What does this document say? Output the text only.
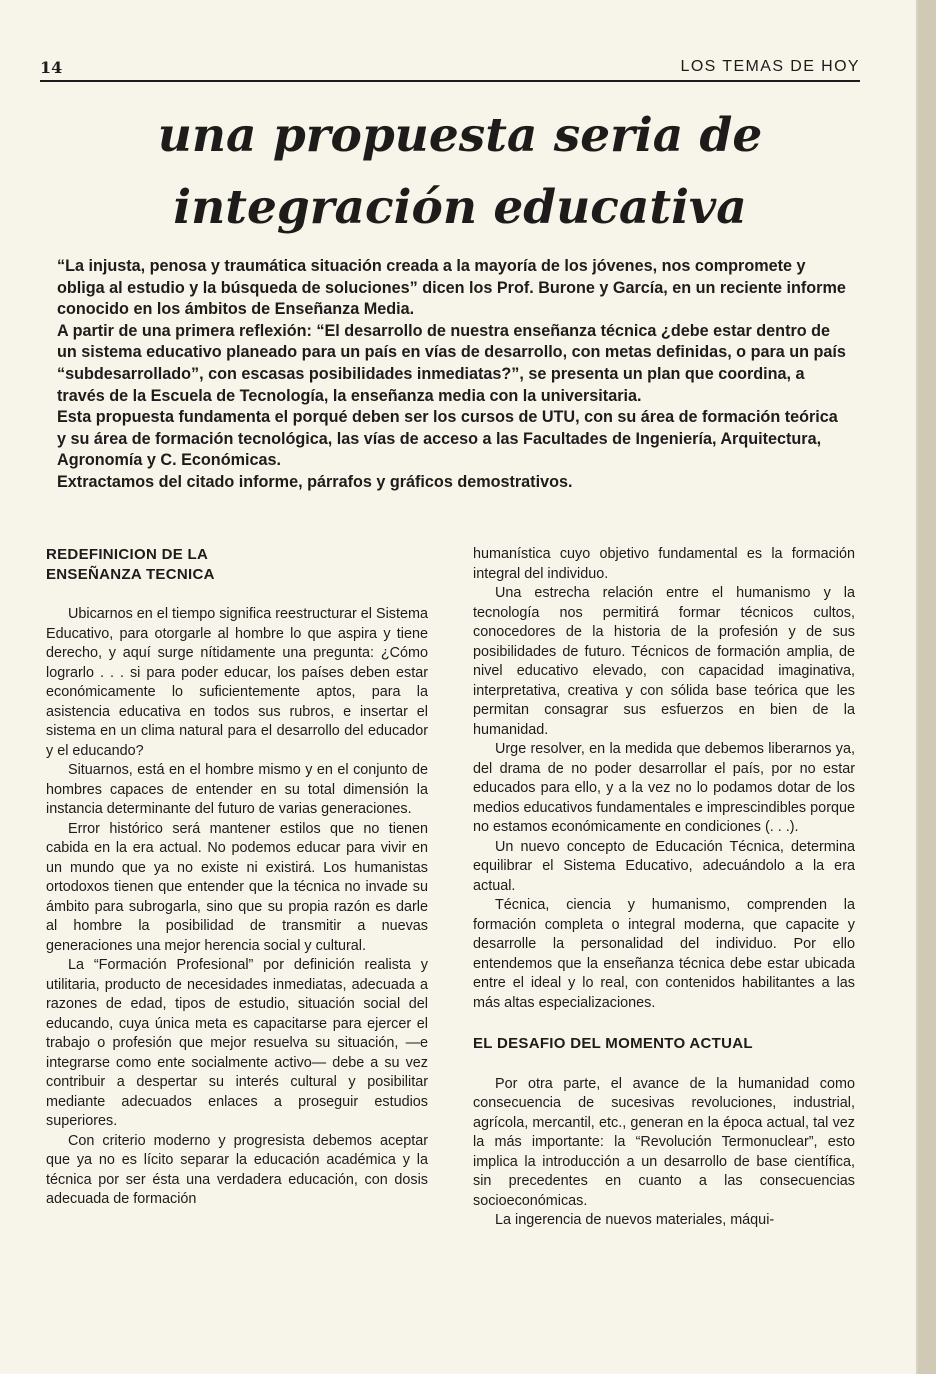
14	LOS TEMAS DE HOY
una propuesta seria de
integración educativa
“La injusta, penosa y traumática situación creada a la mayoría de los jóvenes, nos compromete y obliga al estudio y la búsqueda de soluciones” dicen los Prof. Burone y García, en un reciente informe conocido en los ámbitos de Enseñanza Media.
A partir de una primera reflexión: “El desarrollo de nuestra enseñanza técnica ¿debe estar dentro de un sistema educativo planeado para un país en vías de desarrollo, con metas definidas, o para un país “subdesarrollado”, con escasas posibilidades inmediatas?”, se presenta un plan que coordina, a través de la Escuela de Tecnología, la enseñanza media con la universitaria.
Esta propuesta fundamenta el porqué deben ser los cursos de UTU, con su área de formación teórica y su área de formación tecnológica, las vías de acceso a las Facultades de Ingeniería, Arquitectura, Agronomía y C. Económicas.
Extractamos del citado informe, párrafos y gráficos demostrativos.
REDEFINICION DE LA
ENSEÑANZA TECNICA

Ubicarnos en el tiempo significa reestructurar el Sistema Educativo, para otorgarle al hombre lo que aspira y tiene derecho, y aquí surge nítidamente una pregunta: ¿Cómo lograrlo . . . si para poder educar, los países deben estar económicamente lo suficientemente aptos, para la asistencia educativa en todos sus rubros, e insertar el sistema en un clima natural para el desarrollo del educador y el educando?

Situarnos, está en el hombre mismo y en el conjunto de hombres capaces de entender en su total dimensión la instancia determinante del futuro de varias generaciones.

Error histórico será mantener estilos que no tienen cabida en la era actual. No podemos educar para vivir en un mundo que ya no existe ni existirá. Los humanistas ortodoxos tienen que entender que la técnica no invade su ámbito para subrogarla, sino que su propia razón es darle al hombre la posibilidad de transmitir a nuevas generaciones una mejor herencia social y cultural.

La “Formación Profesional” por definición realista y utilitaria, producto de necesidades inmediatas, adecuada a razones de edad, tipos de estudio, situación social del educando, cuya única meta es capacitarse para ejercer el trabajo o profesión que mejor resuelva su situación, —e integrarse como ente socialmente activo— debe a su vez contribuir a despertar su interés cultural y posibilitar mediante adecuados enlaces a proseguir estudios superiores.

Con criterio moderno y progresista debemos aceptar que ya no es lícito separar la educación académica y la técnica por ser ésta una verdadera educación, con dosis adecuada de formación

humanística cuyo objetivo fundamental es la formación integral del individuo.

Una estrecha relación entre el humanismo y la tecnología nos permitirá formar técnicos cultos, conocedores de la historia de la profesión y de sus posibilidades de futuro. Técnicos de formación amplia, de nivel educativo elevado, con capacidad imaginativa, interpretativa, creativa y con sólida base teórica que les permitan consagrar sus esfuerzos en bien de la humanidad.

Urge resolver, en la medida que debemos liberarnos ya, del drama de no poder desarrollar el país, por no estar educados para ello, y a la vez no lo podamos dotar de los medios educativos fundamentales e imprescindibles porque no estamos económicamente en condiciones (. . .).

Un nuevo concepto de Educación Técnica, determina equilibrar el Sistema Educativo, adecuándolo a la era actual.

Técnica, ciencia y humanismo, comprenden la formación completa o integral moderna, que capacite y desarrolle la personalidad del individuo. Por ello entendemos que la enseñanza técnica debe estar ubicada entre el ideal y lo real, con contenidos habilitantes a las más altas especializaciones.

EL DESAFIO DEL MOMENTO ACTUAL

Por otra parte, el avance de la humanidad como consecuencia de sucesivas revoluciones, industrial, agrícola, mercantil, etc., generan en la época actual, tal vez la más importante: la “Revolución Termonuclear”, esto implica la introducción a un desarrollo de base científica, sin precedentes en cuanto a las consecuencias socioeconómicas.

La ingerencia de nuevos materiales, máqui-
